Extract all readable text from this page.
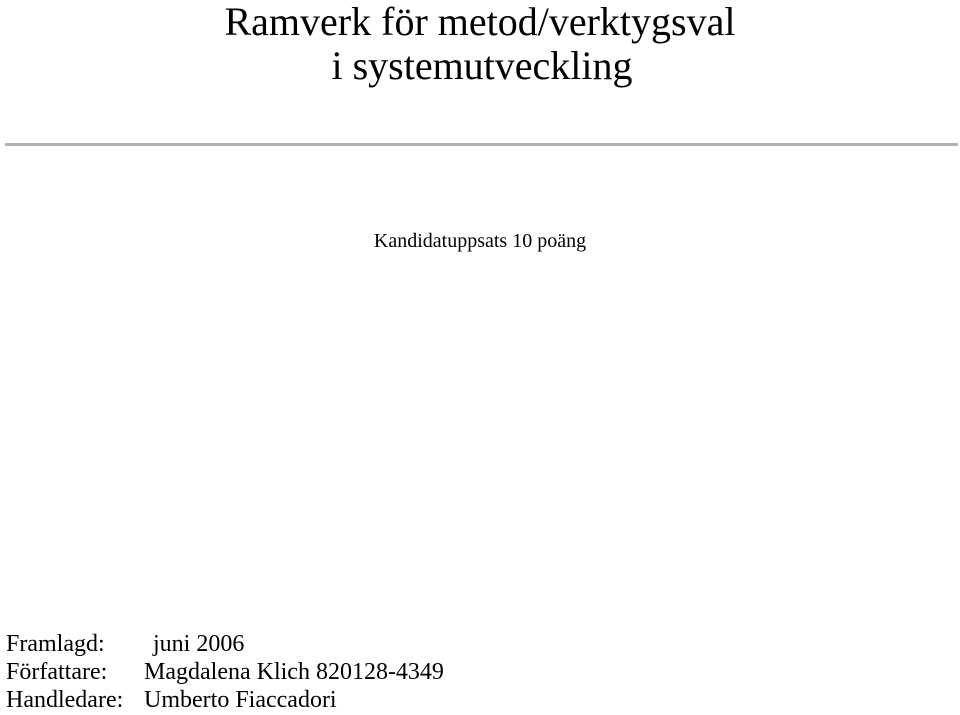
Ramverk för metod/verktygsval
i systemutveckling
Kandidatuppsats 10 poäng
Framlagd: juni 2006
Författare: Magdalena Klich 820128-4349
Handledare: Umberto Fiaccadori
